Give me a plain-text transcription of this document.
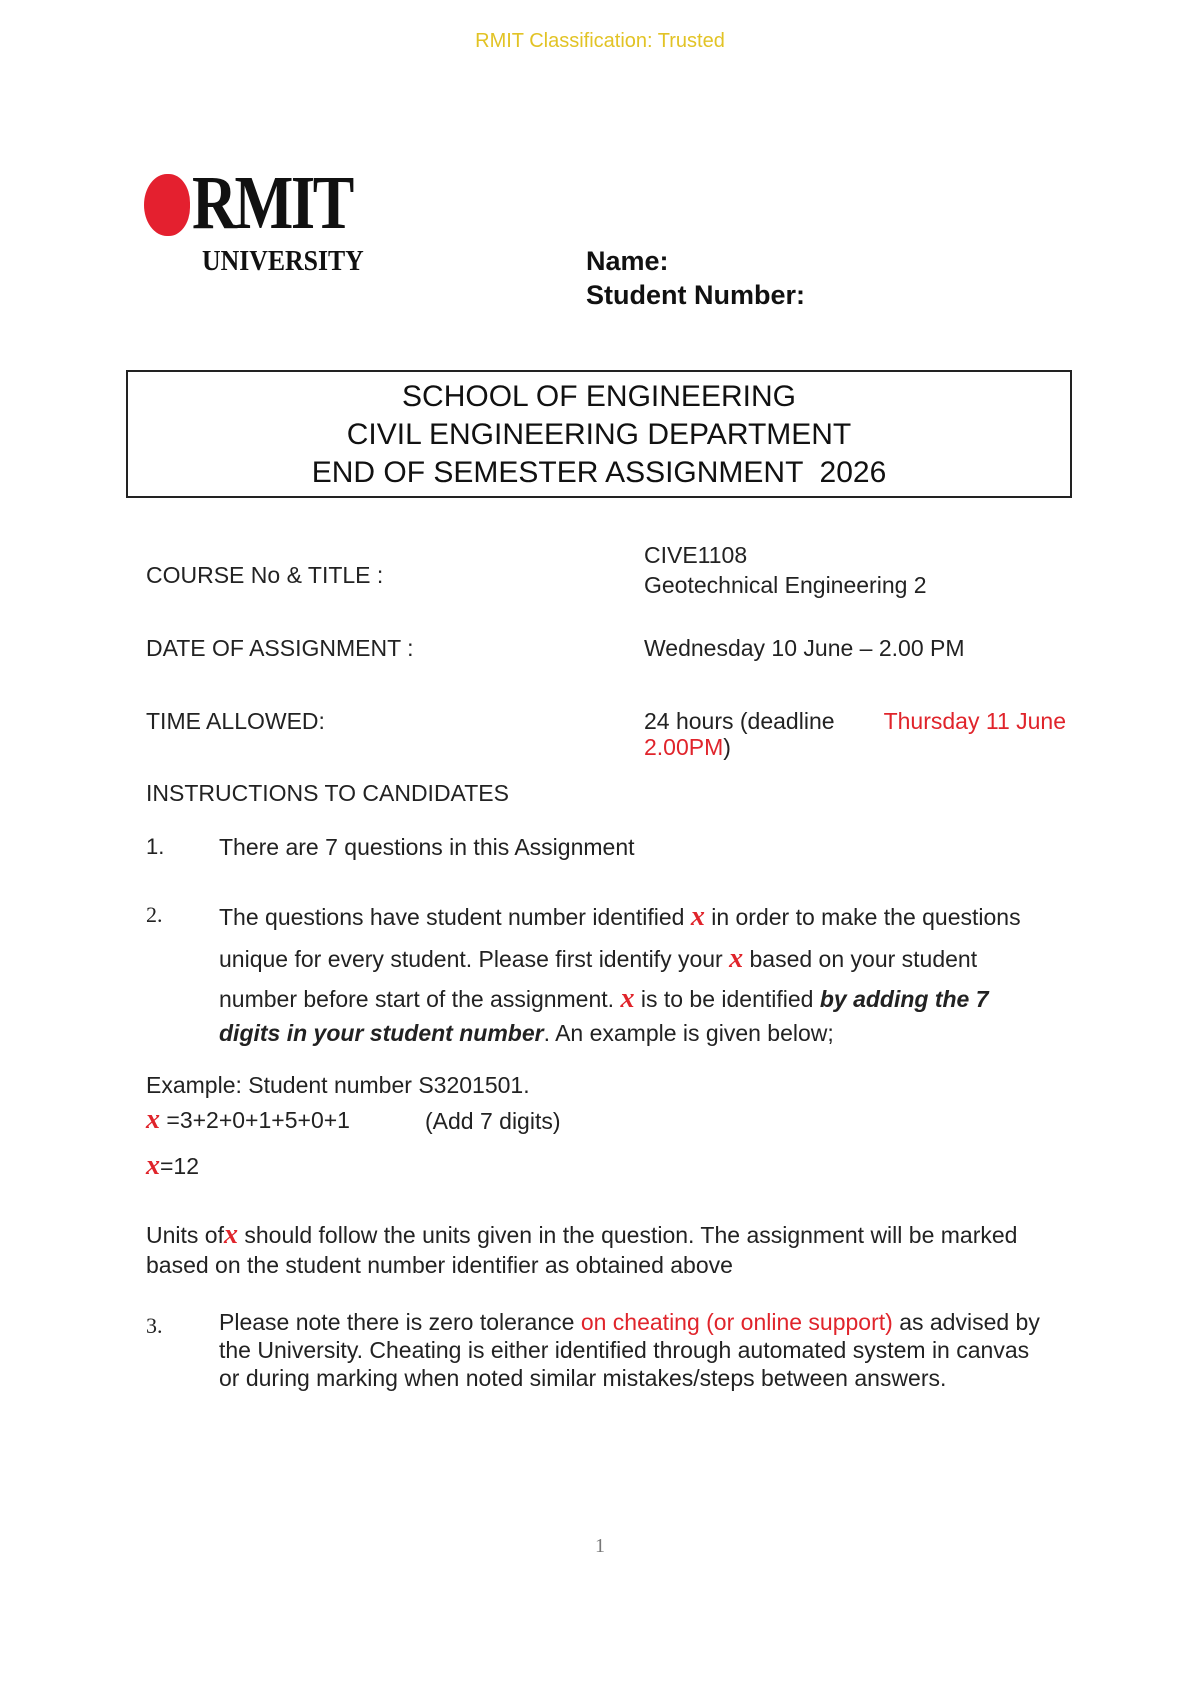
RMIT Classification: Trusted
RMIT
UNIVERSITY	Name:
Student Number:
SCHOOL OF ENGINEERING
CIVIL ENGINEERING DEPARTMENT
END OF SEMESTER ASSIGNMENT  2026
COURSE No & TITLE :
CIVE1108
Geotechnical Engineering 2
DATE OF ASSIGNMENT :	Wednesday 10 June – 2.00 PM
TIME ALLOWED:	24 hours (deadline Thursday 11 June
2.00PM)
INSTRUCTIONS TO CANDIDATES
1. There are 7 questions in this Assignment
2. The questions have student number identified x in order to make the questions
unique for every student. Please first identify your x based on your student
number before start of the assignment. x is to be identified by adding the 7
digits in your student number. An example is given below;
Example: Student number S3201501.
x =3+2+0+1+5+0+1	(Add 7 digits)
x=12
Units ofx should follow the units given in the question. The assignment will be marked
based on the student number identifier as obtained above
3. Please note there is zero tolerance on cheating (or online support) as advised by
the University. Cheating is either identified through automated system in canvas
or during marking when noted similar mistakes/steps between answers.
1
